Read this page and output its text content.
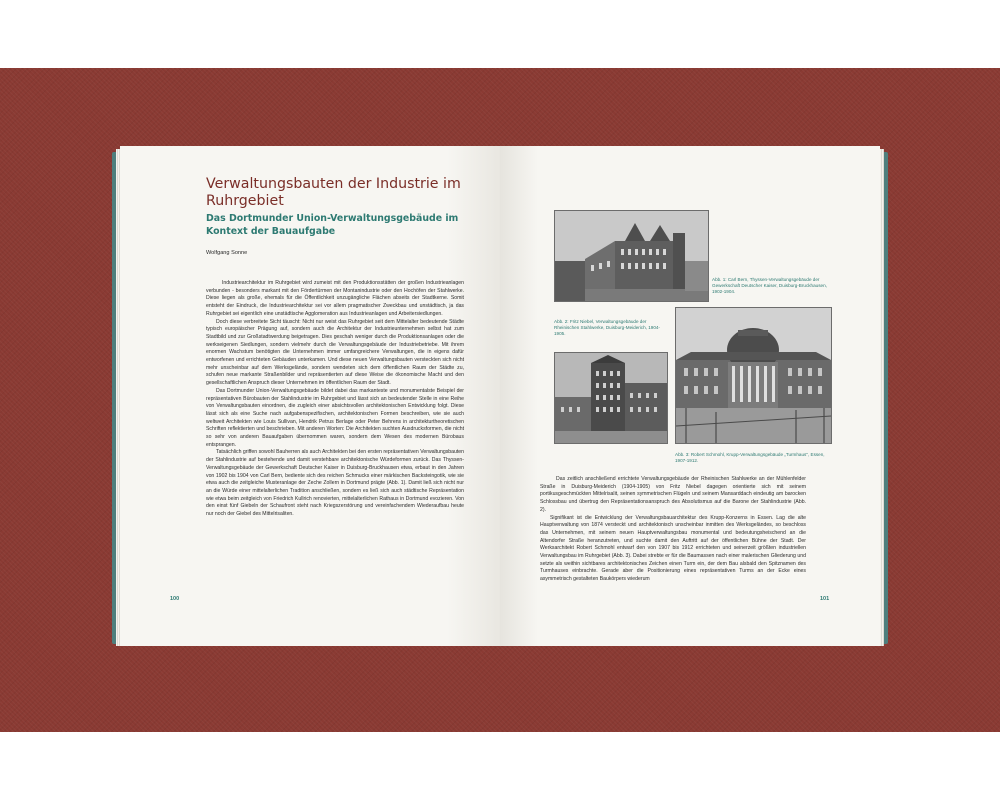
Verwaltungsbauten der Industrie im Ruhrgebiet
Das Dortmunder Union-Verwaltungsgebäude im Kontext der Bauaufgabe
Wolfgang Sonne

Industriearchitektur im Ruhrgebiet wird zumeist mit den Produktionsstätten der großen Industrieanlagen verbunden - besonders markant mit den Fördertürmen der Montanindustrie oder den Hochöfen der Stahlwerke. Diese liegen als große, ehemals für die Öffentlichkeit unzugängliche Flächen abseits der Stadtkerne. Somit entsteht der Eindruck, die Industriearchitektur sei vor allem pragmatischer Zweckbau und unstädtisch, ja das Ruhrgebiet sei eigentlich eine unstädtische Agglomeration aus Industrieanlagen und Arbeitersiedlungen.

Doch diese verbreitete Sicht täuscht: Nicht nur weist das Ruhrgebiet seit dem Mittelalter bedeutende Städte typisch europäischer Prägung auf, sondern auch die Architektur der Industrieunternehmen selbst hat zum Stadtbild und zur Großstadtwerdung beigetragen. Dies geschah weniger durch die Produktionsanlagen oder die werkseigenen Siedlungen, sondern vielmehr durch die Verwaltungsgebäude der Industriebetriebe. Mit ihrem enormen Wachstum benötigten die Unternehmen immer umfangreichere Verwaltungen, die in eigens dafür entworfenen und errichteten Gebäuden unterkamen. Und diese neuen Verwaltungsbauten versteckten sich nicht mehr unscheinbar auf dem Werksgelände, sondern wendeten sich dem öffentlichen Raum der Städte zu, schufen neue markante Straßenbilder und repräsentierten auf diese Weise die ökonomische Macht und den gesellschaftlichen Anspruch dieser Unternehmen im öffentlichen Raum der Stadt.

Das Dortmunder Union-Verwaltungsgebäude bildet dabei das markanteste und monumentalste Beispiel der repräsentativen Bürobauten der Stahlindustrie im Ruhrgebiet und lässt sich an bedeutender Stelle in eine Reihe von Verwaltungsbauten einordnen, die zugleich einer absichtsvollen architektonischen Entwicklung folgt. Diese lässt sich als eine Suche nach aufgabenspezifischen, architektonischen Formen beschreiben, wie sie auch weltweit Architekten wie Louis Sullivan, Hendrik Petrus Berlage oder Peter Behrens in architekturtheoretischen Schriften reflektierten und beschrieben. Mit anderen Worten: Die Architekten suchten Ausdrucksformen, die nicht so sehr von anderen Bauaufgaben übernommen waren, sondern dem Wesen des modernen Bürobaus entsprangen.

Tatsächlich griffen sowohl Bauherren als auch Architekten bei den ersten repräsentativen Verwaltungsbauten der Stahlindustrie auf bestehende und damit verstehbare architektonische Würdeformen zurück. Das Thyssen-Verwaltungsgebäude der Gewerkschaft Deutscher Kaiser in Duisburg-Bruckhausen etwa, erbaut in den Jahren von 1902 bis 1904 von Carl Bern, bediente sich des reichen Schmucks einer märkischen Backsteingotik, wie sie etwa auch die zeitgleiche Musteranlage der Zeche Zollern in Dortmund prägte (Abb. 1). Damit ließ sich nicht nur an die Würde einer mittelalterlichen Tradition anschließen, sondern es ließ sich auch städtische Repräsentation wie etwa beim zeitgleich von Friedrich Kullrich renovierten, mittelalterlichen Rathaus in Dortmund evozieren. Von den einst fünf Giebeln der Schaufront steht nach Kriegszerstörung und vereinfachendem Wiederaufbau heute nur noch der Giebel des Mittelrisaliten.

100
Abb. 1: Carl Bern, Thyssen-Verwaltungsgebäude der Gewerkschaft Deutscher Kaiser, Duisburg-Bruckhausen, 1902-1904.
Abb. 2: Fritz Niebel, Verwaltungsgebäude der Rheinischen Stahlwerke, Duisburg-Meiderich, 1904-1905.
Abb. 3: Robert Schmohl, Krupp-Verwaltungsgebäude „Turmhaus", Essen, 1907-1912.

Das zeitlich anschließend errichtete Verwaltungsgebäude der Rheinischen Stahlwerke an der Mühlenfelder Straße in Duisburg-Meiderich (1904-1905) von Fritz Niebel dagegen orientierte sich mit seinem portikusgeschmückten Mittelrisalit, seinen symmetrischen Flügeln und seinem Mansarddach eindeutig am barocken Schlossbau und übertrug den Repräsentationsanspruch des Absolutismus auf die Barone der Stahlindustrie (Abb. 2).

Signifikant ist die Entwicklung der Verwaltungsbauarchitektur des Krupp-Konzerns in Essen. Lag die alte Hauptverwaltung von 1874 versteckt und architektonisch unscheinbar inmitten des Werksgeländes, so beschloss das Unternehmen, mit seinem neuen Hauptverwaltungsbau monumental und bedeutungsheischend an die Altendorfer Straße heranzutreten, und suchte damit den Auftritt auf der öffentlichen Bühne der Stadt. Der Werksarchitekt Robert Schmohl entwarf den von 1907 bis 1912 errichteten und seinerzeit größten industriellen Verwaltungsbau im Ruhrgebiet (Abb. 3). Dabei strebte er für die Baumassen nach einer malerischen Gliederung und setzte als weithin sichtbares architektonisches Zeichen einen Turm ein, der dem Bau alsbald den Spitznamen des Turmhauses einbrachte. Gerade aber die Positionierung eines repräsentativen Turms an der Ecke eines asymmetrisch gestalteten Baukörpers wiederum

101
